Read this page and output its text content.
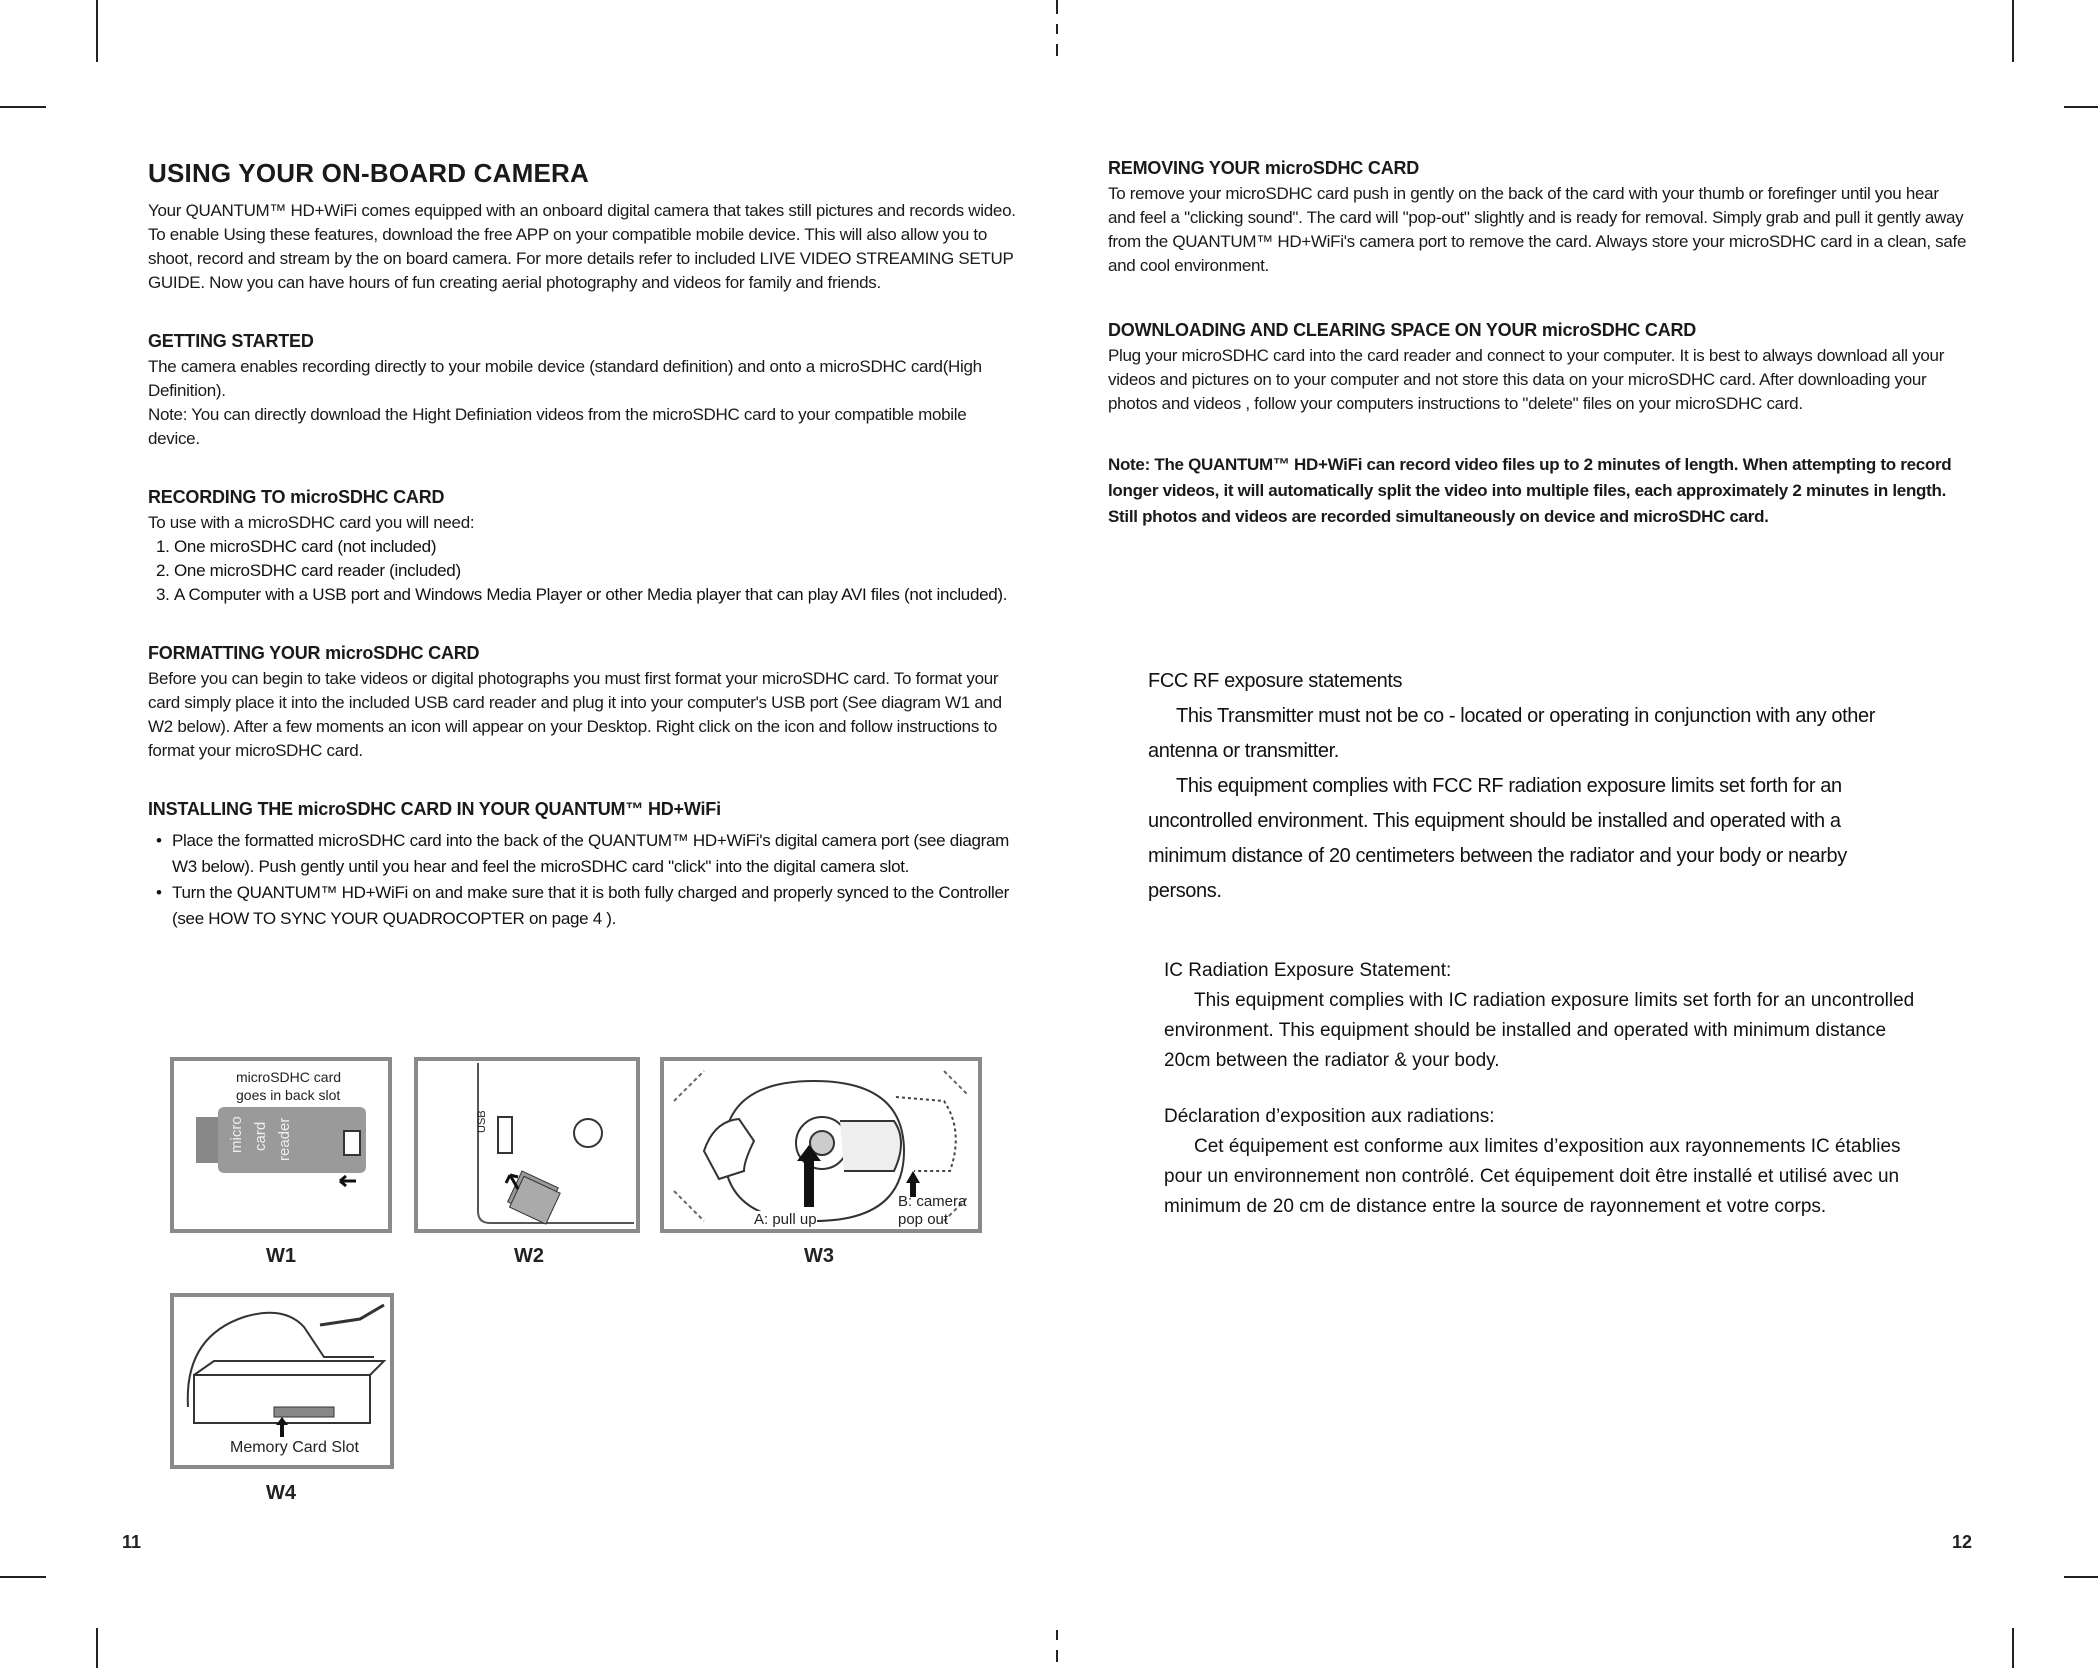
USING YOUR ON-BOARD CAMERA

Your QUANTUM™ HD+WiFi comes equipped with an onboard digital camera that takes still pictures and records wideo. To enable Using these features, download the free APP on your compatible mobile device. This will also allow you to shoot, record and stream by the on board camera. For more details refer to included LIVE VIDEO STREAMING SETUP GUIDE. Now you can have hours of fun creating aerial photography and videos for family and friends.

GETTING STARTED

The camera enables recording directly to your mobile device (standard definition) and onto a microSDHC card(High Definition).

Note: You can directly download the Hight Definiation videos from the microSDHC card to your compatible mobile device.

RECORDING TO microSDHC CARD

To use with a microSDHC card you will need:

1. One microSDHC card (not included)
2. One microSDHC card reader (included)
3. A Computer with a USB port and Windows Media Player or other Media player that can play AVI files (not included).
FORMATTING YOUR microSDHC CARD

Before you can begin to take videos or digital photographs you must first format your microSDHC card. To format your card simply place it into the included USB card reader and plug it into your computer's USB port (See diagram W1 and W2 below). After a few moments an icon will appear on your Desktop. Right click on the icon and follow instructions to format your microSDHC card.

INSTALLING THE microSDHC CARD IN YOUR QUANTUM™ HD+WiFi
• Place the formatted microSDHC card into the back of the QUANTUM™ HD+WiFi's digital camera port (see diagram W3 below). Push gently until you hear and feel the microSDHC card "click" into the digital camera slot.
• Turn the QUANTUM™ HD+WiFi on and make sure that it is both fully charged and properly synced to the Controller (see HOW TO SYNC YOUR QUADROCOPTER on page 4 ).
microSDHC card
goes in back slot
micro card reader
W1
USB
W2
A: pull up
B: camera
pop out
W3
Memory Card Slot
W4
11
REMOVING YOUR microSDHC CARD

To remove your microSDHC card push in gently on the back of the card with your thumb or forefinger until you hear and feel a "clicking sound". The card will "pop-out" slightly and is ready for removal. Simply grab and pull it gently away from the QUANTUM™ HD+WiFi's camera port to remove the card. Always store your microSDHC card in a clean, safe and cool environment.

DOWNLOADING AND CLEARING SPACE ON YOUR microSDHC CARD

Plug your microSDHC card into the card reader and connect to your computer. It is best to always download all your videos and pictures on to your computer and not store this data on your microSDHC card. After downloading your photos and videos , follow your computers instructions to "delete" files on your microSDHC card.

Note: The QUANTUM™ HD+WiFi can record video files up to 2 minutes of length. When attempting to record longer videos, it will automatically split the video into multiple files, each approximately 2 minutes in length. Still photos and videos are recorded simultaneously on device and microSDHC card.

FCC RF exposure statements

This Transmitter must not be co - located or operating in conjunction with any other antenna or transmitter.

This equipment complies with FCC RF radiation exposure limits set forth for an uncontrolled environment. This equipment should be installed and operated with a minimum distance of 20 centimeters between the radiator and your body or nearby persons.

IC Radiation Exposure Statement:

This equipment complies with IC radiation exposure limits set forth for an uncontrolled environment. This equipment should be installed and operated with minimum distance 20cm between the radiator & your body.

Déclaration d’exposition aux radiations:

Cet équipement est conforme aux limites d’exposition aux rayonnements IC établies pour un environnement non contrôlé. Cet équipement doit être installé et utilisé avec un minimum de 20 cm de distance entre la source de rayonnement et votre corps.

12
